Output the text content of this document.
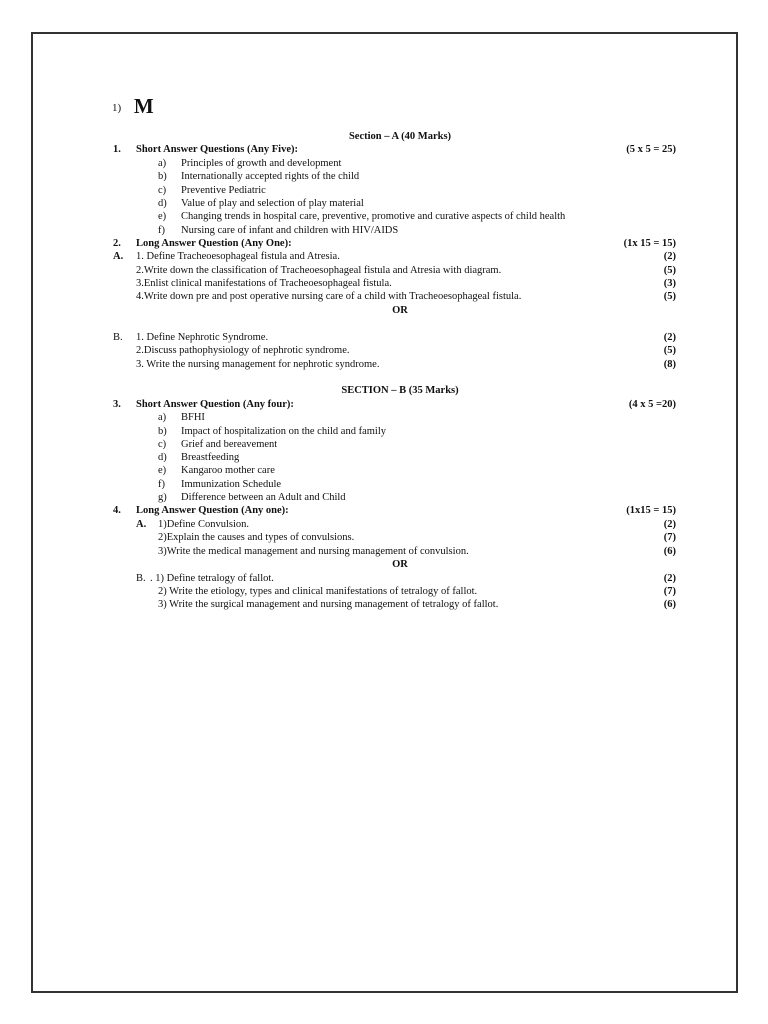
1) M
Section – A (40 Marks)
1. Short Answer Questions (Any Five):	(5 x 5 = 25)
a) Principles of growth and development
b) Internationally accepted rights of the child
c) Preventive Pediatric
d) Value of play and selection of play material
e) Changing trends in hospital care, preventive, promotive and curative aspects of child health
f) Nursing care of infant and children with HIV/AIDS
2. Long Answer Question (Any One):	(1x 15 = 15)
A. 1. Define Tracheoesophageal fistula and Atresia.	(2)
2.Write down the classification of Tracheoesophageal fistula and Atresia with diagram.	(5)
3.Enlist clinical manifestations of Tracheoesophageal fistula.	(3)
4.Write down pre and post operative nursing care of a child with Tracheoesophageal fistula.	(5)
OR
B. 1. Define Nephrotic Syndrome.	(2)
2.Discuss pathophysiology of nephrotic syndrome.	(5)
3. Write the nursing management for nephrotic syndrome.	(8)
SECTION – B (35 Marks)
3. Short Answer Question (Any four):	(4 x 5 =20)
a) BFHI
b) Impact of hospitalization on the child and family
c) Grief and bereavement
d) Breastfeeding
e) Kangaroo mother care
f) Immunization Schedule
g) Difference between an Adult and Child
4. Long Answer Question (Any one):	(1x15 = 15)
A. 1)Define Convulsion.	(2)
2)Explain the causes and types of convulsions.	(7)
3)Write the medical management and nursing management of convulsion.	(6)
OR
B. . 1) Define tetralogy of fallot.	(2)
2) Write the etiology, types and clinical manifestations of tetralogy of fallot.	(7)
3) Write the surgical management and nursing management of tetralogy of fallot.	(6)
